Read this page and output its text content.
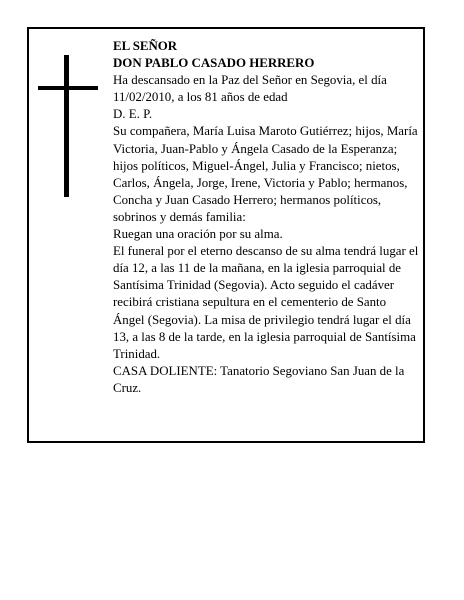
EL SEÑOR

DON PABLO CASADO HERRERO

Ha descansado en la Paz del Señor en Segovia, el día 11/02/2010, a los 81 años de edad

D. E. P.

Su compañera, María Luisa Maroto Gutiérrez; hijos, María Victoria, Juan-Pablo y Ángela Casado de la Esperanza; hijos políticos, Miguel-Ángel, Julia y Francisco; nietos, Carlos, Ángela, Jorge, Irene, Victoria y Pablo; hermanos, Concha y Juan Casado Herrero; hermanos políticos, sobrinos y demás familia:

Ruegan una oración por su alma.

El funeral por el eterno descanso de su alma tendrá lugar el día 12, a las 11 de la mañana, en la iglesia parroquial de Santísima Trinidad (Segovia). Acto seguido el cadáver recibirá cristiana sepultura en el cementerio de Santo Ángel (Segovia). La misa de privilegio tendrá lugar el día 13, a las 8 de la tarde, en la iglesia parroquial de Santísima Trinidad.

CASA DOLIENTE: Tanatorio Segoviano San Juan de la Cruz.
